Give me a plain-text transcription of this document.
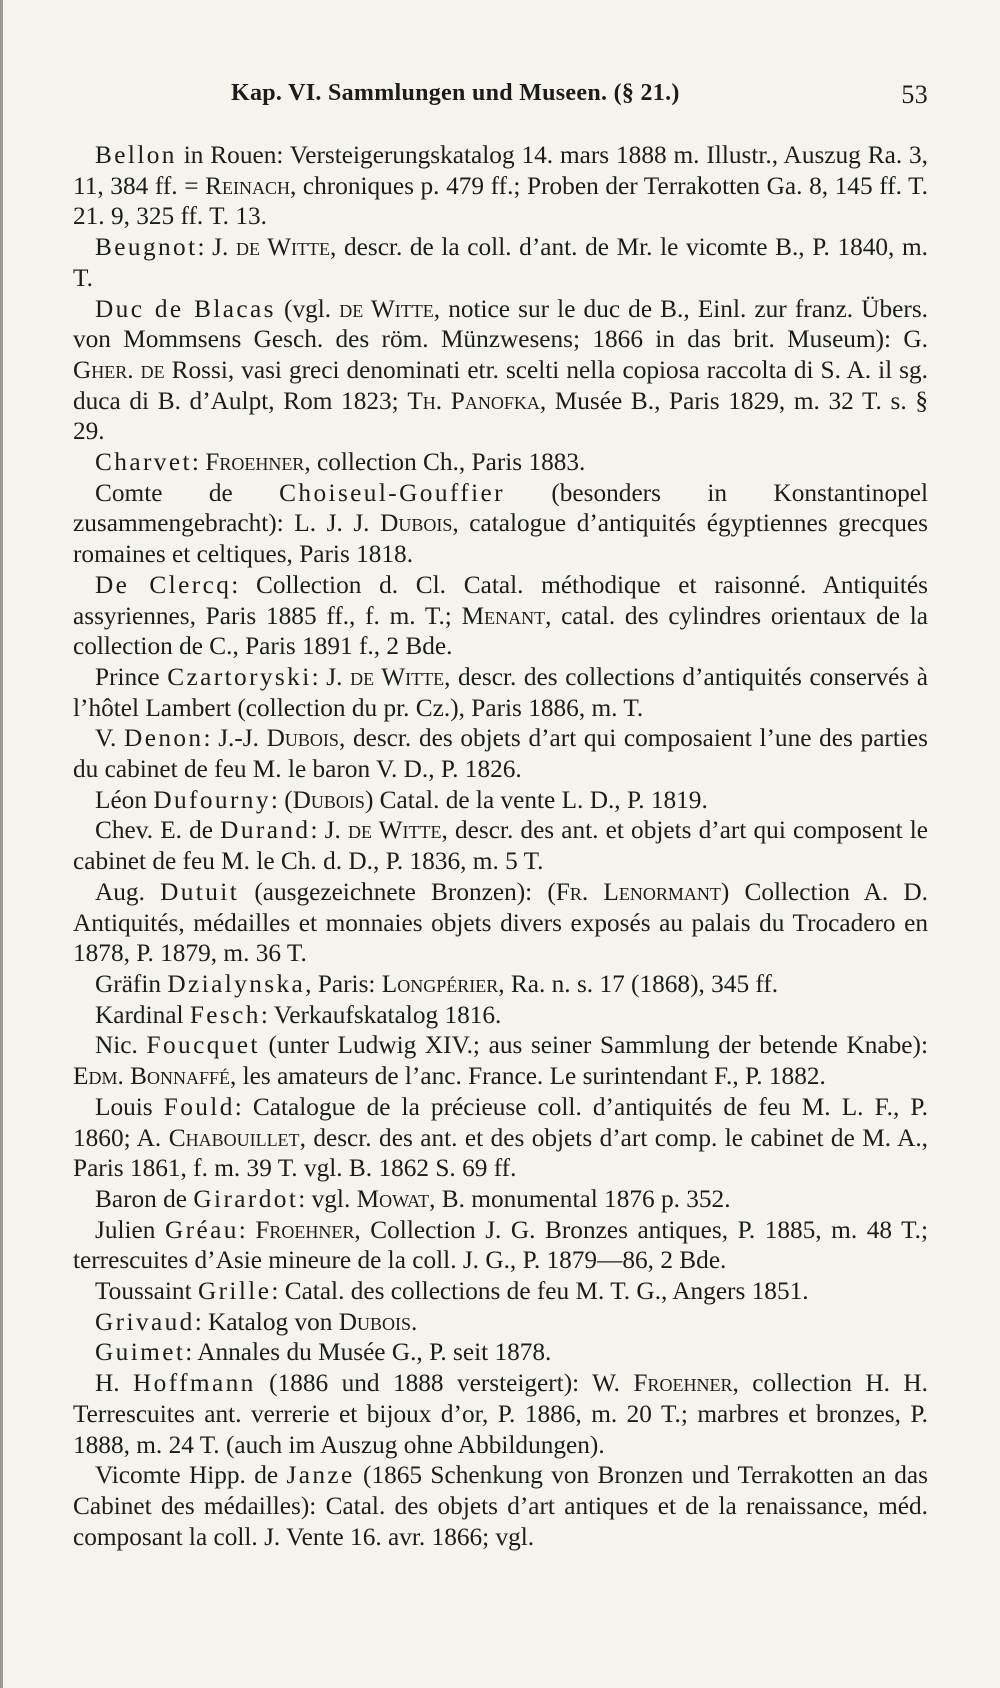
Kap. VI. Sammlungen und Museen. (§ 21.)	53

Bellon in Rouen: Versteigerungskatalog 14. mars 1888 m. Illustr., Auszug Ra. 3, 11, 384 ff. = Reinach, chroniques p. 479 ff.; Proben der Terrakotten Ga. 8, 145 ff. T. 21. 9, 325 ff. T. 13.

Beugnot: J. de Witte, descr. de la coll. d’ant. de Mr. le vicomte B., P. 1840, m. T.

Duc de Blacas (vgl. de Witte, notice sur le duc de B., Einl. zur franz. Übers. von Mommsens Gesch. des röm. Münzwesens; 1866 in das brit. Museum): G. Gher. de Rossi, vasi greci denominati etr. scelti nella copiosa raccolta di S. A. il sg. duca di B. d’Aulpt, Rom 1823; Th. Panofka, Musée B., Paris 1829, m. 32 T. s. § 29.

Charvet: Froehner, collection Ch., Paris 1883.

Comte de Choiseul-Gouffier (besonders in Konstantinopel zusammengebracht): L. J. J. Dubois, catalogue d’antiquités égyptiennes grecques romaines et celtiques, Paris 1818.

De Clercq: Collection d. Cl. Catal. méthodique et raisonné. Antiquités assyriennes, Paris 1885 ff., f. m. T.; Menant, catal. des cylindres orientaux de la collection de C., Paris 1891 f., 2 Bde.

Prince Czartoryski: J. de Witte, descr. des collections d’antiquités conservés à l’hôtel Lambert (collection du pr. Cz.), Paris 1886, m. T.

V. Denon: J.-J. Dubois, descr. des objets d’art qui composaient l’une des parties du cabinet de feu M. le baron V. D., P. 1826.

Léon Dufourny: (Dubois) Catal. de la vente L. D., P. 1819.

Chev. E. de Durand: J. de Witte, descr. des ant. et objets d’art qui composent le cabinet de feu M. le Ch. d. D., P. 1836, m. 5 T.

Aug. Dutuit (ausgezeichnete Bronzen): (Fr. Lenormant) Collection A. D. Antiquités, médailles et monnaies objets divers exposés au palais du Trocadero en 1878, P. 1879, m. 36 T.

Gräfin Dzialynska, Paris: Longpérier, Ra. n. s. 17 (1868), 345 ff.

Kardinal Fesch: Verkaufskatalog 1816.

Nic. Foucquet (unter Ludwig XIV.; aus seiner Sammlung der betende Knabe): Edm. Bonnaffé, les amateurs de l’anc. France. Le surintendant F., P. 1882.

Louis Fould: Catalogue de la précieuse coll. d’antiquités de feu M. L. F., P. 1860; A. Chabouillet, descr. des ant. et des objets d’art comp. le cabinet de M. A., Paris 1861, f. m. 39 T. vgl. B. 1862 S. 69 ff.

Baron de Girardot: vgl. Mowat, B. monumental 1876 p. 352.

Julien Gréau: Froehner, Collection J. G. Bronzes antiques, P. 1885, m. 48 T.; terrescuites d’Asie mineure de la coll. J. G., P. 1879—86, 2 Bde.

Toussaint Grille: Catal. des collections de feu M. T. G., Angers 1851.

Grivaud: Katalog von Dubois.

Guimet: Annales du Musée G., P. seit 1878.

H. Hoffmann (1886 und 1888 versteigert): W. Froehner, collection H. H. Terrescuites ant. verrerie et bijoux d’or, P. 1886, m. 20 T.; marbres et bronzes, P. 1888, m. 24 T. (auch im Auszug ohne Abbildungen).

Vicomte Hipp. de Janze (1865 Schenkung von Bronzen und Terrakotten an das Cabinet des médailles): Catal. des objets d’art antiques et de la renaissance, méd. composant la coll. J. Vente 16. avr. 1866; vgl.
